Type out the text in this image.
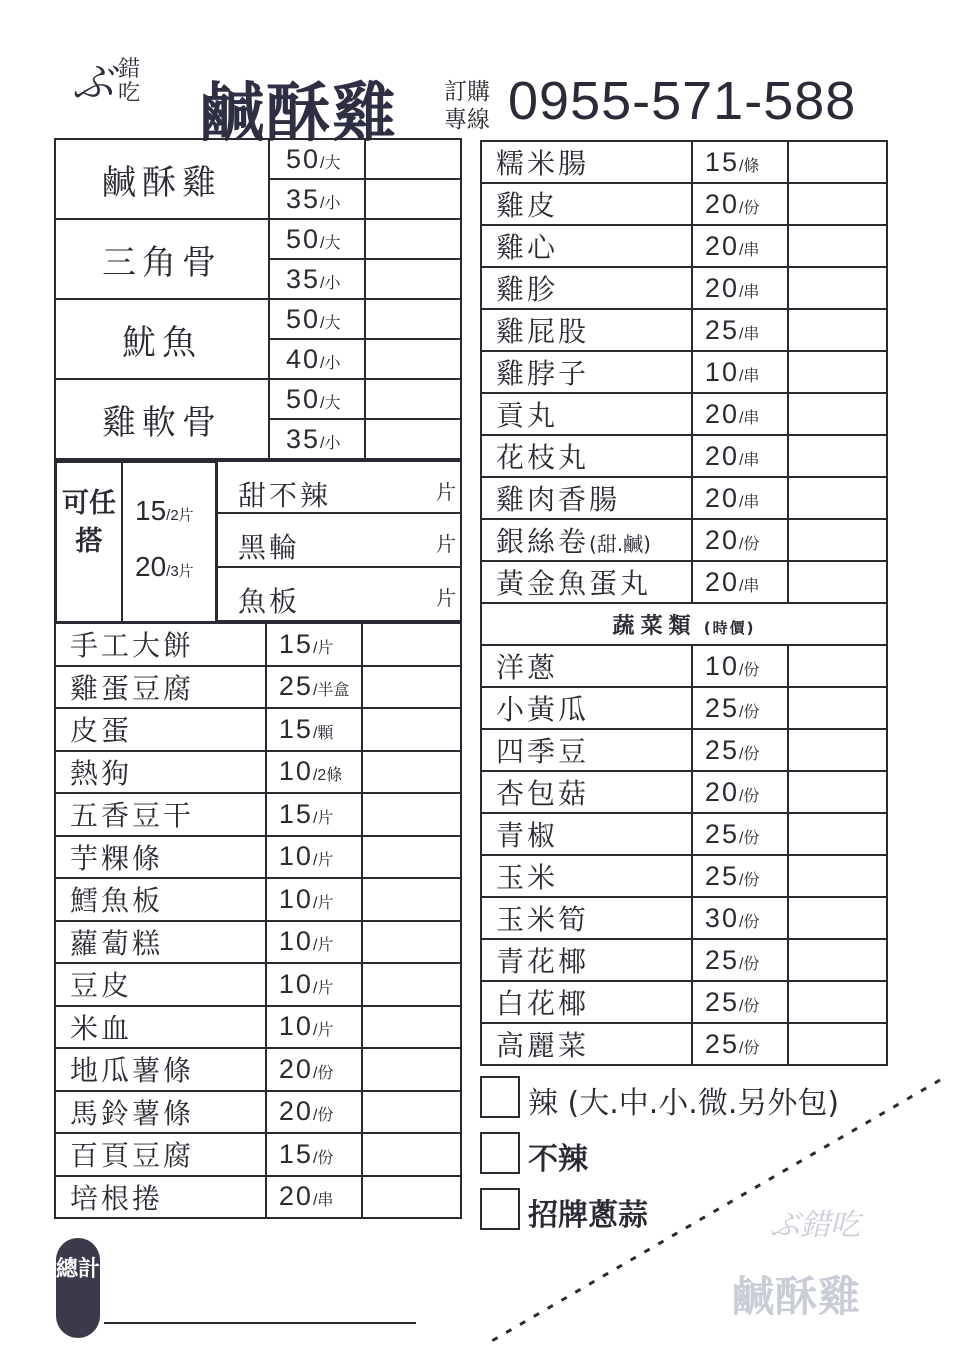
ぶ 錯吃 鹹酥雞 訂購 專線 0955-571-588
鹹酥雞	50/大	
	35/小	
三角骨	50/大	
	35/小	
魷魚	50/大	
	40/小	
雞軟骨	50/大	
	35/小	
可任搭
15/2片
20/3片
甜不辣	片
黑輪	片
魚板	片
手工大餅	15/片	
雞蛋豆腐	25/半盒	
皮蛋	15/顆	
熱狗	10/2條	
五香豆干	15/片	
芋粿條	10/片	
鱈魚板	10/片	
蘿蔔糕	10/片	
豆皮	10/片	
米血	10/片	
地瓜薯條	20/份	
馬鈴薯條	20/份	
百頁豆腐	15/份	
培根捲	20/串	
糯米腸	15/條	
雞皮	20/份	
雞心	20/串	
雞胗	20/串	
雞屁股	25/串	
雞脖子	10/串	
貢丸	20/串	
花枝丸	20/串	
雞肉香腸	20/串	
銀絲卷(甜.鹹)	20/份	
黃金魚蛋丸	20/串	
蔬菜類 (時價)		
洋蔥	10/份	
小黃瓜	25/份	
四季豆	25/份	
杏包菇	20/份	
青椒	25/份	
玉米	25/份	
玉米筍	30/份	
青花椰	25/份	
白花椰	25/份	
高麗菜	25/份	
辣 (大.中.小.微.另外包)
不辣
招牌蔥蒜
總計
ぶ錯吃
鹹酥雞
